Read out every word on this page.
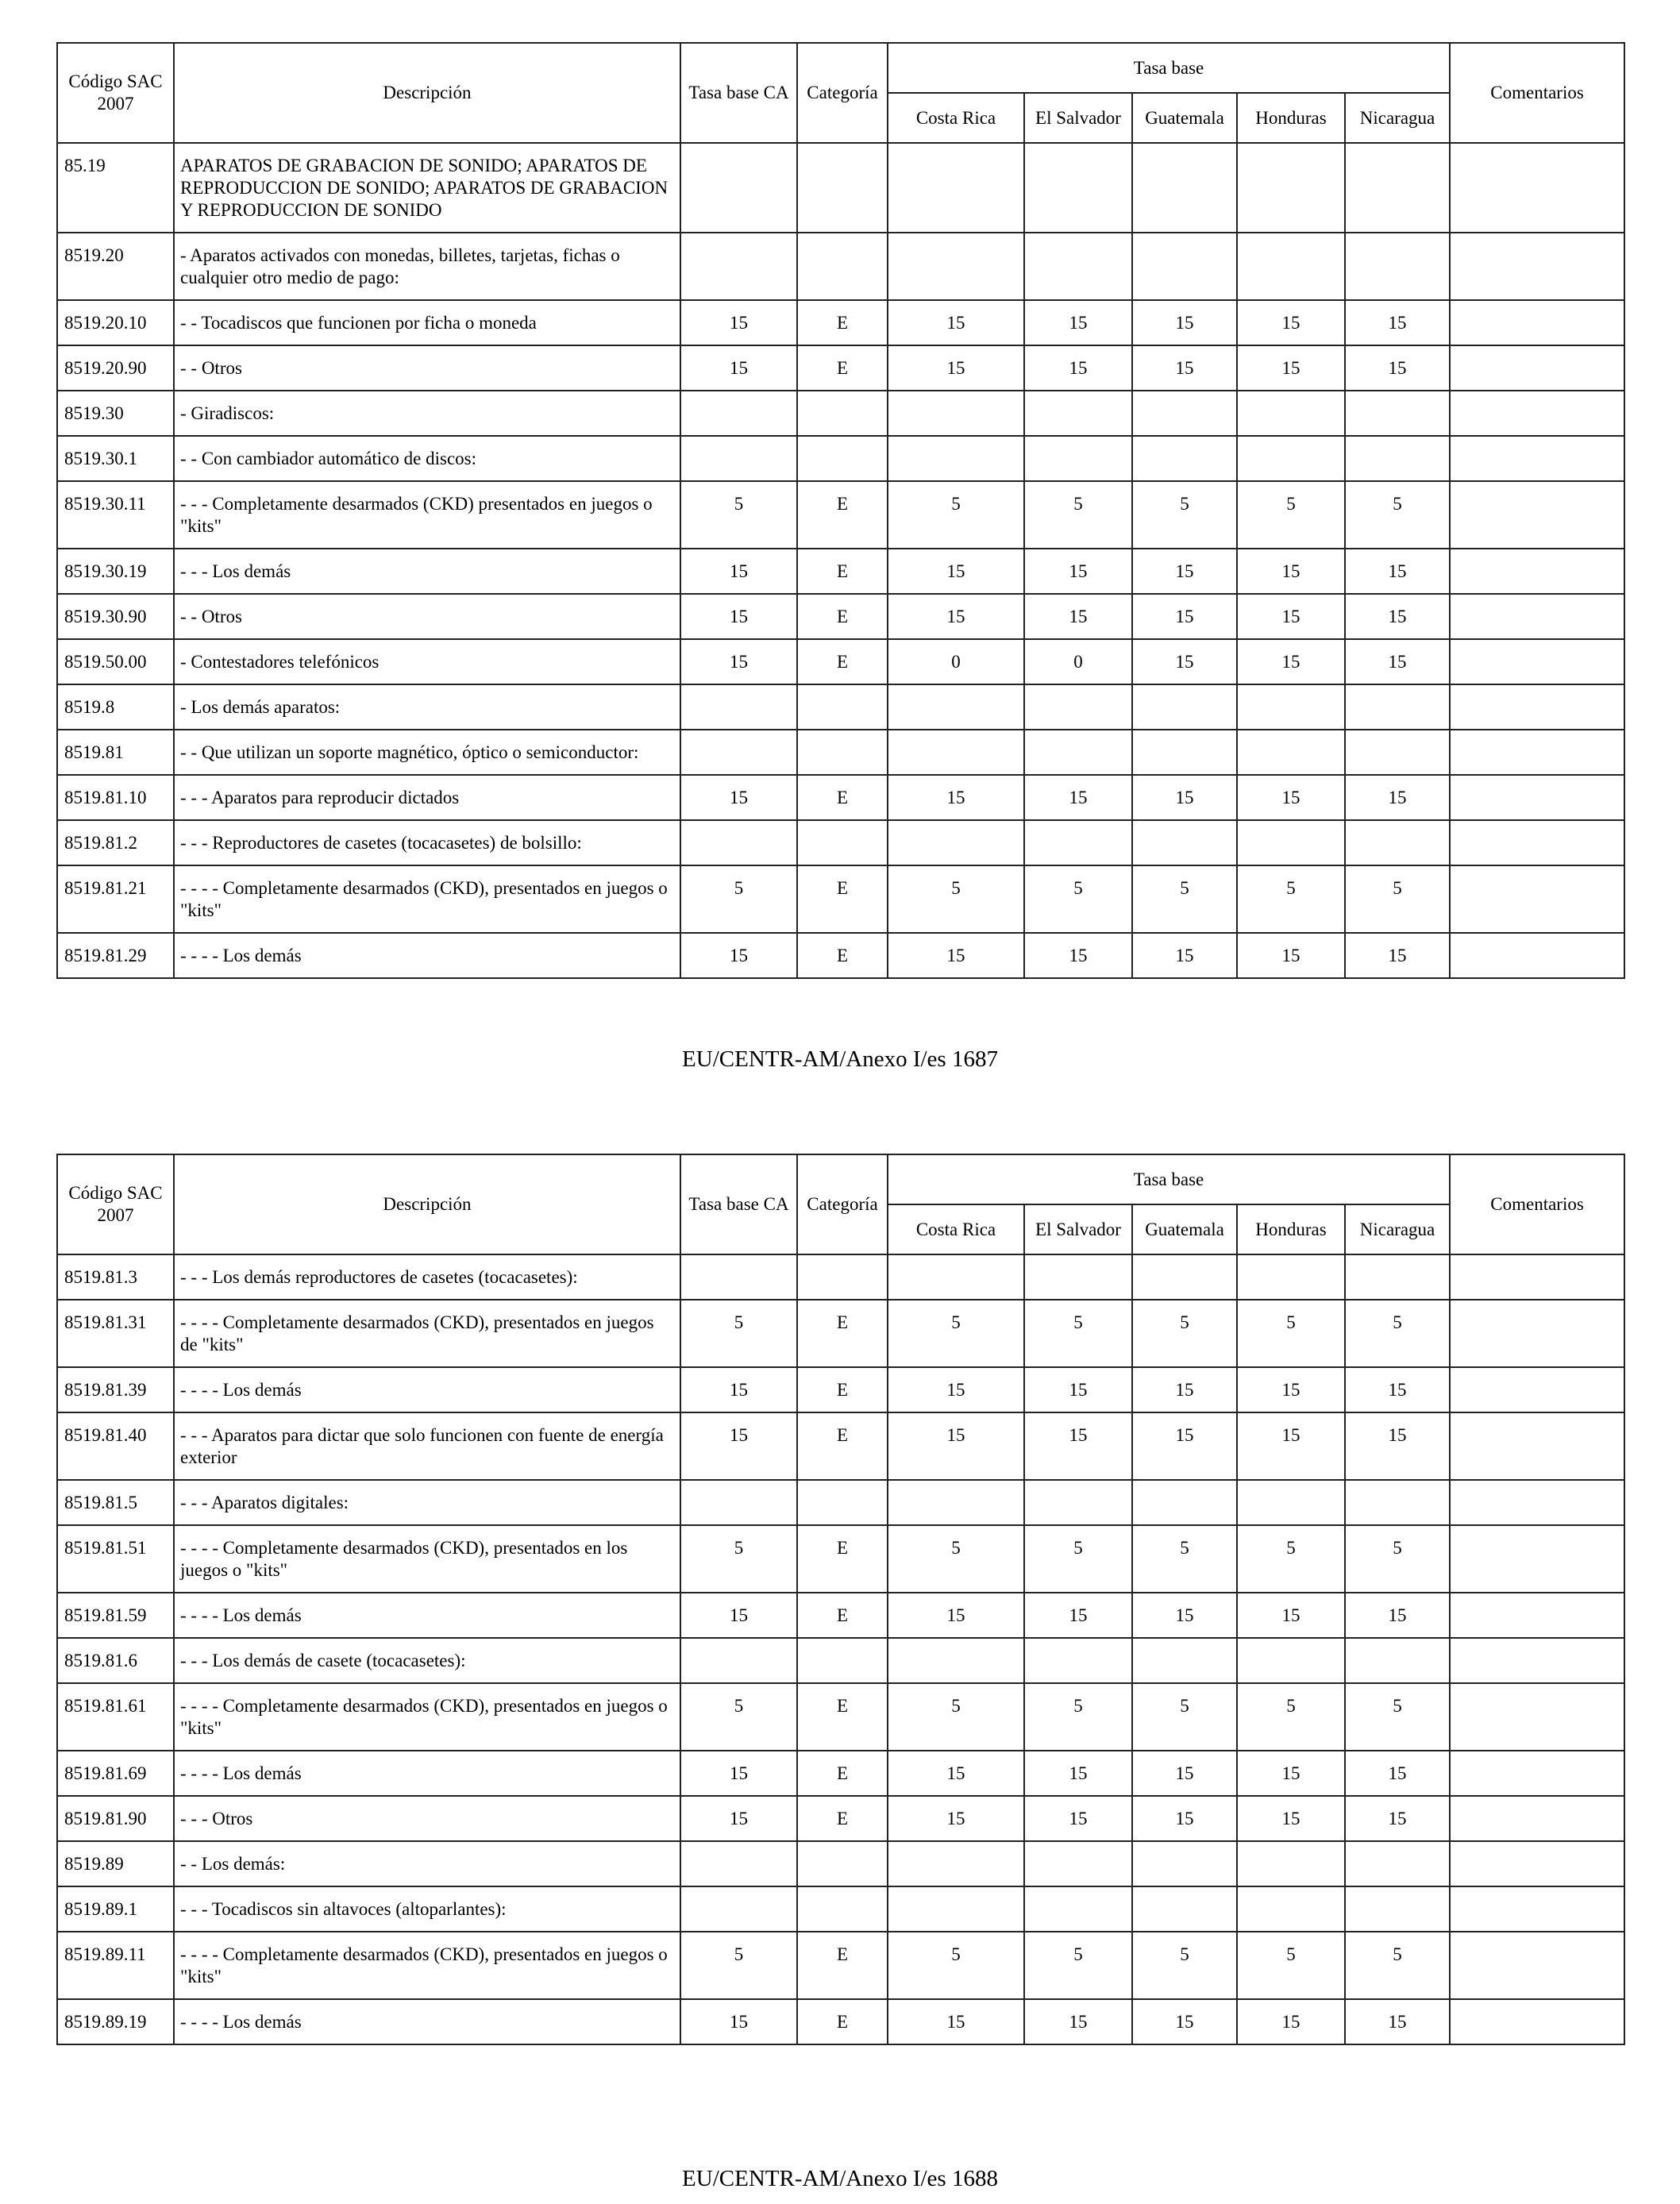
Código SAC 2007	Descripción	Tasa base CA	Categoría	Tasa base					Comentarios
				Costa Rica	El Salvador	Guatemala	Honduras	Nicaragua	
85.19	APARATOS DE GRABACION DE SONIDO; APARATOS DE REPRODUCCION DE SONIDO; APARATOS DE GRABACION Y REPRODUCCION DE SONIDO								
8519.20	- Aparatos activados con monedas, billetes, tarjetas, fichas o cualquier otro medio de pago:								
8519.20.10	- - Tocadiscos que funcionen por ficha o moneda	15	E	15	15	15	15	15	
8519.20.90	- - Otros	15	E	15	15	15	15	15	
8519.30	- Giradiscos:								
8519.30.1	- - Con cambiador automático de discos:								
8519.30.11	- - - Completamente desarmados (CKD) presentados en juegos o "kits"	5	E	5	5	5	5	5	
8519.30.19	- - - Los demás	15	E	15	15	15	15	15	
8519.30.90	- - Otros	15	E	15	15	15	15	15	
8519.50.00	- Contestadores telefónicos	15	E	0	0	15	15	15	
8519.8	- Los demás aparatos:								
8519.81	- - Que utilizan un soporte magnético, óptico o semiconductor:								
8519.81.10	- - - Aparatos para reproducir dictados	15	E	15	15	15	15	15	
8519.81.2	- - - Reproductores de casetes (tocacasetes) de bolsillo:								
8519.81.21	- - - - Completamente desarmados (CKD), presentados en juegos o "kits"	5	E	5	5	5	5	5	
8519.81.29	- - - - Los demás	15	E	15	15	15	15	15	
EU/CENTR-AM/Anexo I/es 1687
Código SAC 2007	Descripción	Tasa base CA	Categoría	Tasa base					Comentarios
				Costa Rica	El Salvador	Guatemala	Honduras	Nicaragua	
8519.81.3	- - - Los demás reproductores de casetes (tocacasetes):								
8519.81.31	- - - - Completamente desarmados (CKD), presentados en juegos de "kits"	5	E	5	5	5	5	5	
8519.81.39	- - - - Los demás	15	E	15	15	15	15	15	
8519.81.40	- - - Aparatos para dictar que solo funcionen con fuente de energía exterior	15	E	15	15	15	15	15	
8519.81.5	- - - Aparatos digitales:								
8519.81.51	- - - - Completamente desarmados (CKD), presentados en los juegos o "kits"	5	E	5	5	5	5	5	
8519.81.59	- - - - Los demás	15	E	15	15	15	15	15	
8519.81.6	- - - Los demás de casete (tocacasetes):								
8519.81.61	- - - - Completamente desarmados (CKD), presentados en juegos o "kits"	5	E	5	5	5	5	5	
8519.81.69	- - - - Los demás	15	E	15	15	15	15	15	
8519.81.90	- - - Otros	15	E	15	15	15	15	15	
8519.89	- - Los demás:								
8519.89.1	- - - Tocadiscos sin altavoces (altoparlantes):								
8519.89.11	- - - - Completamente desarmados (CKD), presentados en juegos o "kits"	5	E	5	5	5	5	5	
8519.89.19	- - - - Los demás	15	E	15	15	15	15	15	
EU/CENTR-AM/Anexo I/es 1688
